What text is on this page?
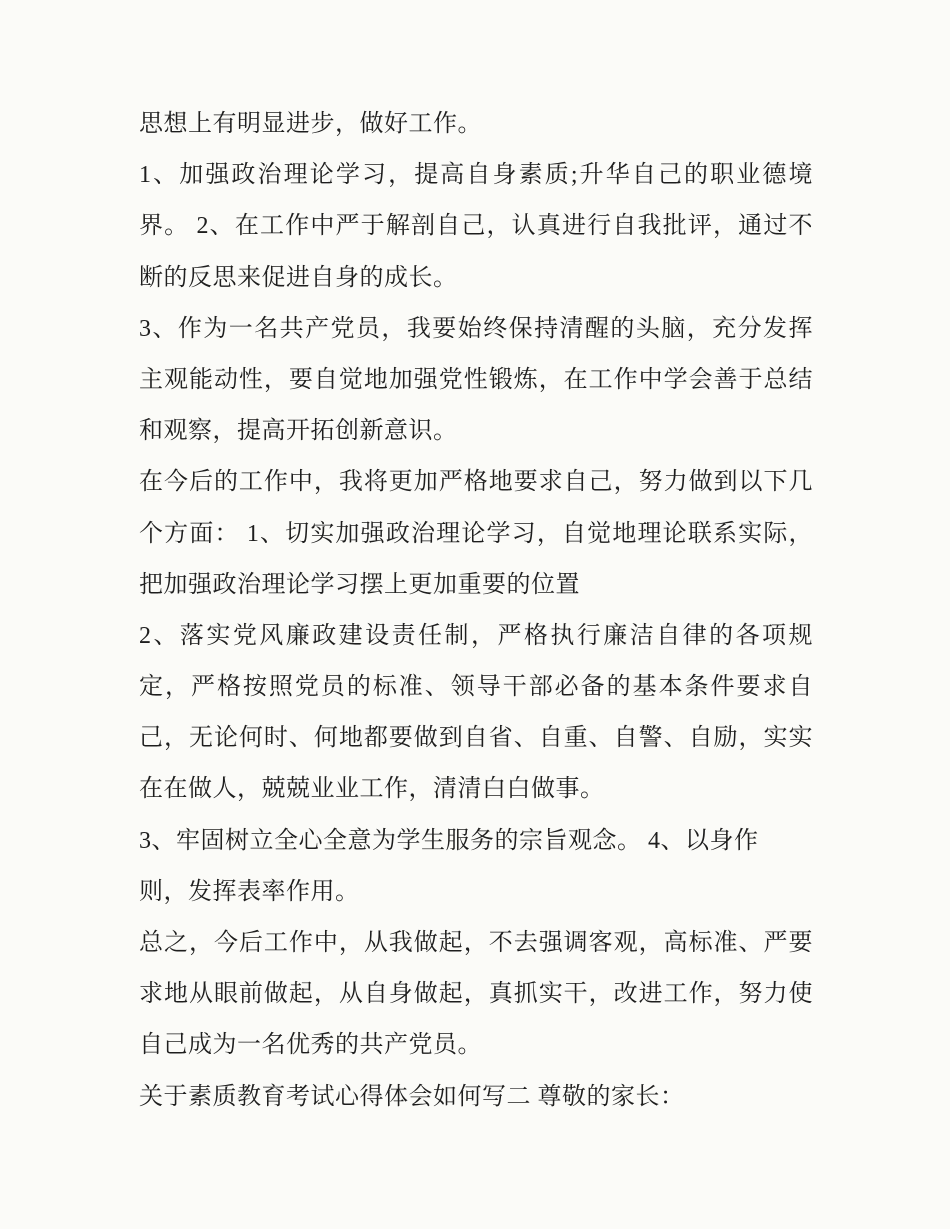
思想上有明显进步，做好工作。
1、加强政治理论学习，提高自身素质;升华自己的职业德境
界。 2、在工作中严于解剖自己，认真进行自我批评，通过不
断的反思来促进自身的成长。
3、作为一名共产党员，我要始终保持清醒的头脑，充分发挥
主观能动性，要自觉地加强党性锻炼，在工作中学会善于总结
和观察，提高开拓创新意识。
在今后的工作中，我将更加严格地要求自己，努力做到以下几
个方面： 1、切实加强政治理论学习，自觉地理论联系实际，
把加强政治理论学习摆上更加重要的位置
2、落实党风廉政建设责任制，严格执行廉洁自律的各项规
定，严格按照党员的标准、领导干部必备的基本条件要求自
己，无论何时、何地都要做到自省、自重、自警、自励，实实
在在做人，兢兢业业工作，清清白白做事。
3、牢固树立全心全意为学生服务的宗旨观念。 4、以身作
则，发挥表率作用。
总之，今后工作中，从我做起，不去强调客观，高标准、严要
求地从眼前做起，从自身做起，真抓实干，改进工作，努力使
自己成为一名优秀的共产党员。
关于素质教育考试心得体会如何写二 尊敬的家长：
